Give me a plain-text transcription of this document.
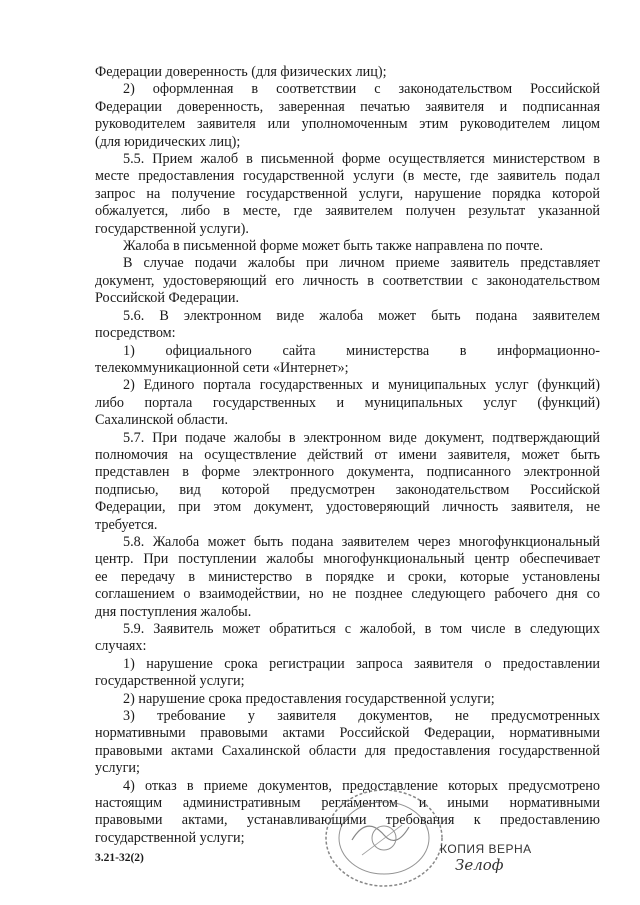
Федерации доверенность (для физических лиц);
2) оформленная в соответствии с законодательством Российской
Федерации доверенность, заверенная печатью заявителя и подписанная
руководителем заявителя или уполномоченным этим руководителем лицом
(для юридических лиц);
5.5. Прием жалоб в письменной форме осуществляется министерством в
месте предоставления государственной услуги (в месте, где заявитель подал
запрос на получение государственной услуги, нарушение порядка которой
обжалуется, либо в месте, где заявителем получен результат указанной
государственной услуги).
Жалоба в письменной форме может быть также направлена по почте.
В случае подачи жалобы при личном приеме заявитель представляет
документ, удостоверяющий его личность в соответствии с законодательством
Российской Федерации.
5.6. В электронном виде жалоба может быть подана заявителем
посредством:
1) официального сайта министерства в информационно-
телекоммуникационной сети «Интернет»;
2) Единого портала государственных и муниципальных услуг (функций)
либо портала государственных и муниципальных услуг (функций)
Сахалинской области.
5.7. При подаче жалобы в электронном виде документ, подтверждающий
полномочия на осуществление действий от имени заявителя, может быть
представлен в форме электронного документа, подписанного электронной
подписью, вид которой предусмотрен законодательством Российской
Федерации, при этом документ, удостоверяющий личность заявителя, не
требуется.
5.8. Жалоба может быть подана заявителем через многофункциональный
центр. При поступлении жалобы многофункциональный центр обеспечивает
ее передачу в министерство в порядке и сроки, которые установлены
соглашением о взаимодействии, но не позднее следующего рабочего дня со
дня поступления жалобы.
5.9. Заявитель может обратиться с жалобой, в том числе в следующих
случаях:
1) нарушение срока регистрации запроса заявителя о предоставлении
государственной услуги;
2) нарушение срока предоставления государственной услуги;
3) требование у заявителя документов, не предусмотренных
нормативными правовыми актами Российской Федерации, нормативными
правовыми актами Сахалинской области для предоставления государственной
услуги;
4) отказ в приеме документов, предоставление которых предусмотрено
настоящим административным регламентом и иными нормативными
правовыми актами, устанавливающими требования к предоставлению
государственной услуги;
КОПИЯ ВЕРНА
Зелоф
3.21-32(2)
